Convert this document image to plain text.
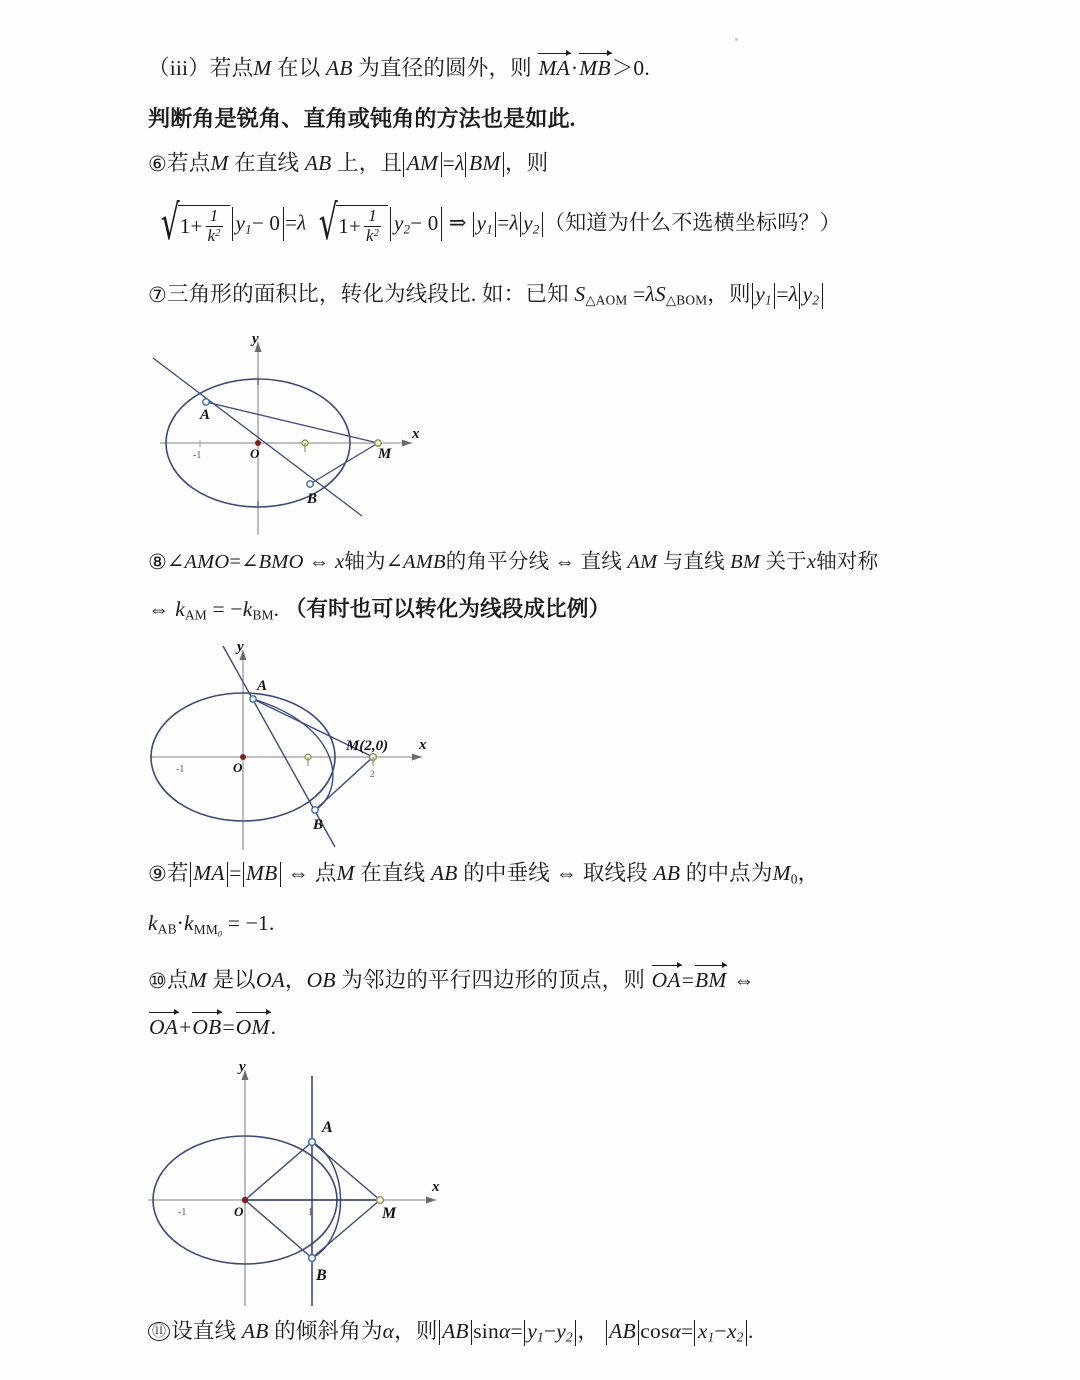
（iii）若点M 在以 AB 为直径的圆外，则 MA·MB＞0.
判断角是锐角、直角或钝角的方法也是如此.
⑥若点M 在直线 AB 上，且 AM =λ BM ，则
√ $1+ \frac{1}{k^2} y_1- 0 =\lambda$ √ $1+ \frac{1}{k^2} y_2- 0$ ⇒ $y_1 =\lambda$ $y_2$ （知道为什么不选横坐标吗？）
⑦三角形的面积比，转化为线段比. 如：已知 $S_{\triangle AOM} =\lambda S_{\triangle BOM}$，则 $y_1 =\lambda$ $y_2$
A
B
M
O
x
y
-1
⑧∠AMO=∠BMO ⇔ x轴为∠AMB的角平分线 ⇔ 直线 AM 与直线 BM 关于x轴对称
⇔ $k_{AM} = -k_{BM}$. （有时也可以转化为线段成比例）
A
B
M(2,0)
O
x
y
-1	2
⑨若 MA = MB ⇔ 点M 在直线 AB 的中垂线 ⇔ 取线段 AB 的中点为$M_0$，
$k_{AB}\cdot k_{MM_0} = -1$.
⑩点M 是以OA，OB 为邻边的平行四边形的顶点，则 OA=BM ⇔
OA+OB=OM.
A
B
M
O
x
y
-1	1
⑪ 设直线 AB 的倾斜角为α，则 AB $\sin\alpha= y_1-y_2$ ， AB $\cos\alpha= x_1-x_2$ .
